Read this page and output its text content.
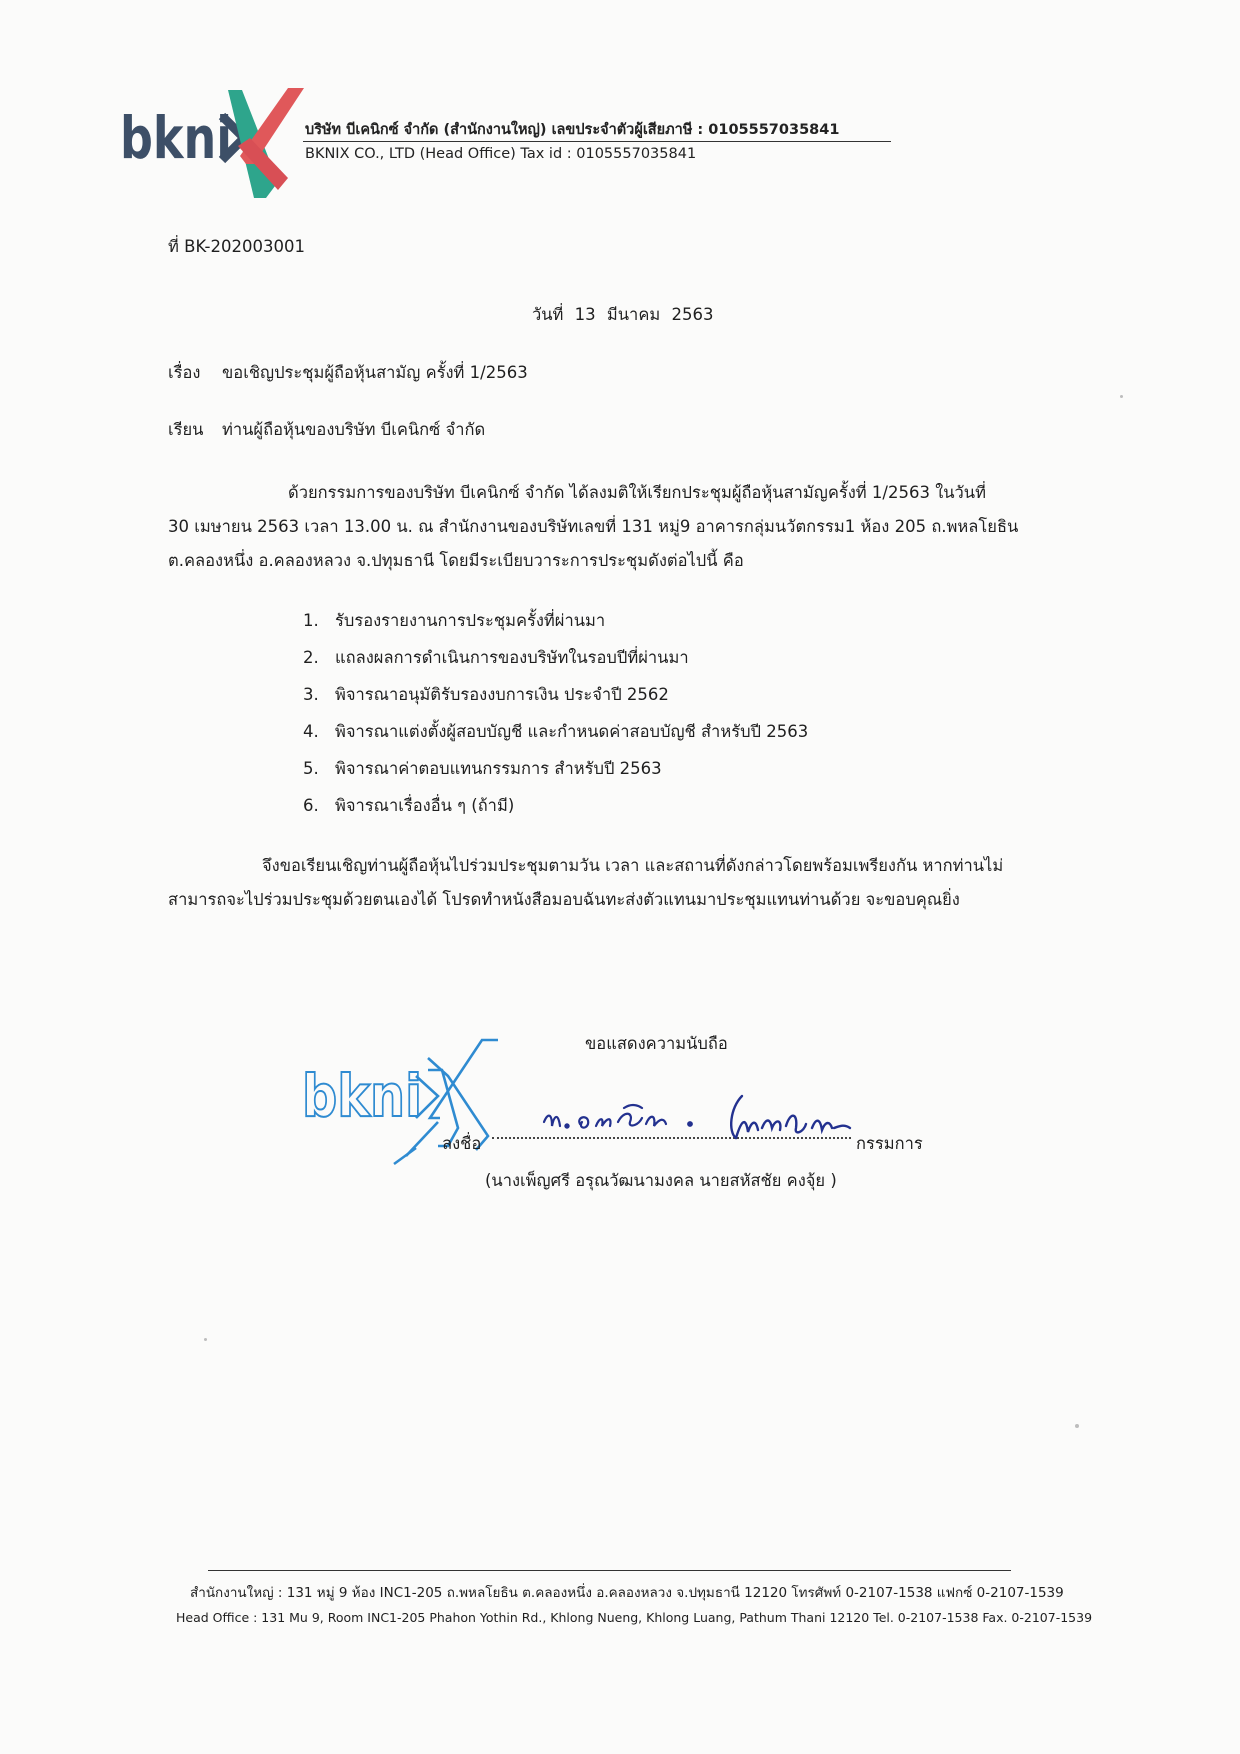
bkni	บริษัท บีเคนิกซ์ จำกัด (สำนักงานใหญ่) เลขประจำตัวผู้เสียภาษี : 0105557035841
BKNIX CO., LTD (Head Office) Tax id : 0105557035841
ที่ BK-202003001
วันที่ 13 มีนาคม 2563
เรื่อง ขอเชิญประชุมผู้ถือหุ้นสามัญ ครั้งที่ 1/2563
เรียน ท่านผู้ถือหุ้นของบริษัท บีเคนิกซ์ จำกัด
ด้วยกรรมการของบริษัท บีเคนิกซ์ จำกัด ได้ลงมติให้เรียกประชุมผู้ถือหุ้นสามัญครั้งที่ 1/2563 ในวันที่
30 เมษายน 2563 เวลา 13.00 น. ณ สำนักงานของบริษัทเลขที่ 131 หมู่9 อาคารกลุ่มนวัตกรรม1 ห้อง 205 ถ.พหลโยธิน
ต.คลองหนึ่ง อ.คลองหลวง จ.ปทุมธานี โดยมีระเบียบวาระการประชุมดังต่อไปนี้ คือ
1. รับรองรายงานการประชุมครั้งที่ผ่านมา
2. แถลงผลการดำเนินการของบริษัทในรอบปีที่ผ่านมา
3. พิจารณาอนุมัติรับรองงบการเงิน ประจำปี 2562
4. พิจารณาแต่งตั้งผู้สอบบัญชี และกำหนดค่าสอบบัญชี สำหรับปี 2563
5. พิจารณาค่าตอบแทนกรรมการ สำหรับปี 2563
6. พิจารณาเรื่องอื่น ๆ (ถ้ามี)
จึงขอเรียนเชิญท่านผู้ถือหุ้นไปร่วมประชุมตามวัน เวลา และสถานที่ดังกล่าวโดยพร้อมเพรียงกัน หากท่านไม่
สามารถจะไปร่วมประชุมด้วยตนเองได้ โปรดทำหนังสือมอบฉันทะส่งตัวแทนมาประชุมแทนท่านด้วย จะขอบคุณยิ่ง
ขอแสดงความนับถือ
bkni
ลงชื่อ	กรรมการ
(นางเพ็ญศรี อรุณวัฒนามงคล นายสหัสชัย คงจุ้ย )
สำนักงานใหญ่ : 131 หมู่ 9 ห้อง INC1-205 ถ.พหลโยธิน ต.คลองหนึ่ง อ.คลองหลวง จ.ปทุมธานี 12120 โทรศัพท์ 0-2107-1538 แฟกซ์ 0-2107-1539
Head Office : 131 Mu 9, Room INC1-205 Phahon Yothin Rd., Khlong Nueng, Khlong Luang, Pathum Thani 12120 Tel. 0-2107-1538 Fax. 0-2107-1539
